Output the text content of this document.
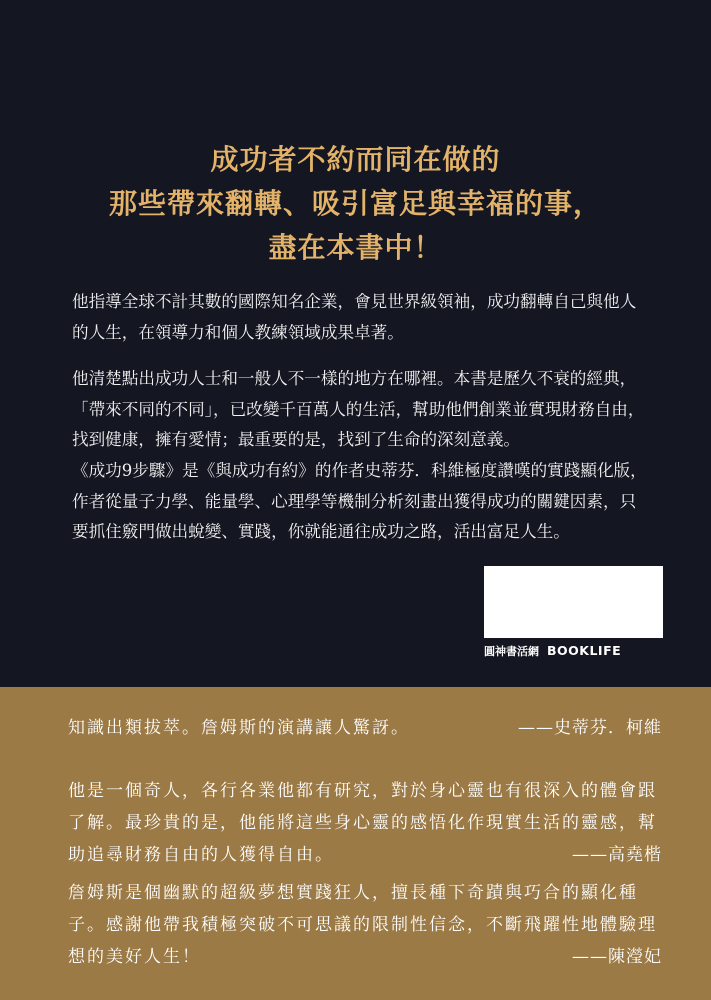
成功者不約而同在做的
那些帶來翻轉、吸引富足與幸福的事，
盡在本書中！

他指導全球不計其數的國際知名企業，會見世界級領袖，成功翻轉自己與他人的人生，在領導力和個人教練領域成果卓著。

他清楚點出成功人士和一般人不一樣的地方在哪裡。本書是歷久不衰的經典，「帶來不同的不同」，已改變千百萬人的生活，幫助他們創業並實現財務自由，找到健康，擁有愛情；最重要的是，找到了生命的深刻意義。

《成功9步驟》是《與成功有約》的作者史蒂芬．科維極度讚嘆的實踐顯化版，作者從量子力學、能量學、心理學等機制分析刻畫出獲得成功的關鍵因素，只要抓住竅門做出蛻變、實踐，你就能通往成功之路，活出富足人生。

圓神書活網 BOOKLIFE

知識出類拔萃。詹姆斯的演講讓人驚訝。	——史蒂芬．柯維

他是一個奇人，各行各業他都有研究，對於身心靈也有很深入的體會跟了解。最珍貴的是，他能將這些身心靈的感悟化作現實生活的靈感，幫助追尋財務自由的人獲得自由。	——高堯楷

詹姆斯是個幽默的超級夢想實踐狂人，擅長種下奇蹟與巧合的顯化種子。感謝他帶我積極突破不可思議的限制性信念，不斷飛躍性地體驗理想的美好人生！	——陳瀅妃
